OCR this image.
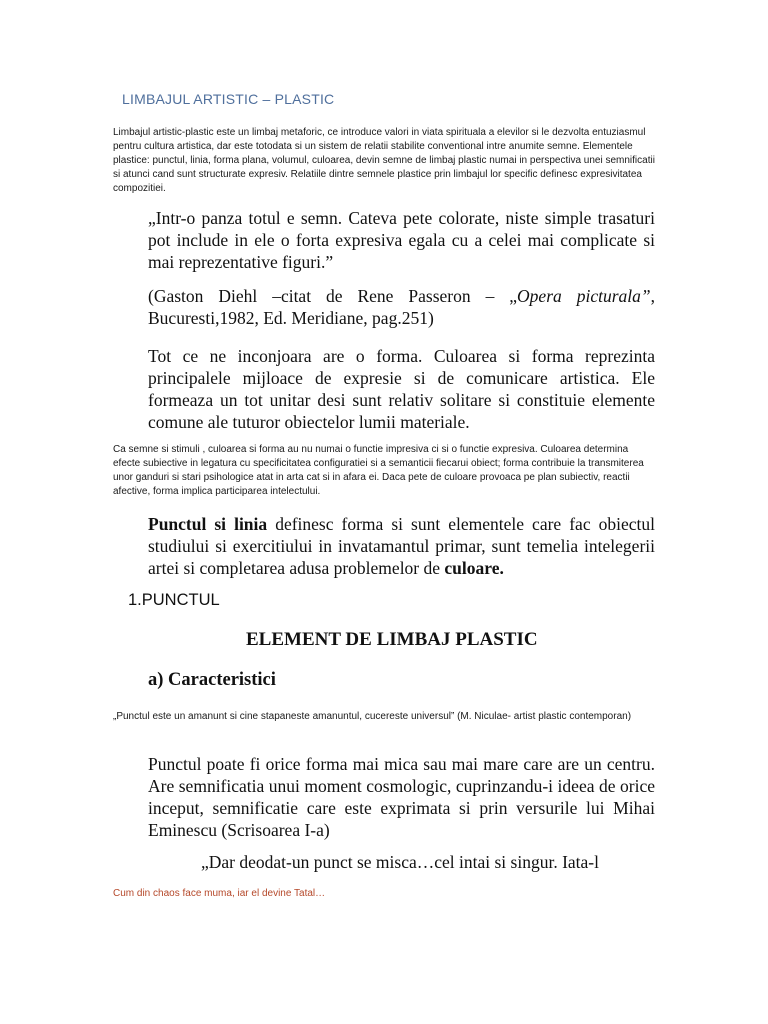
LIMBAJUL ARTISTIC – PLASTIC
Limbajul artistic-plastic este un limbaj metaforic, ce introduce valori in viata spirituala a elevilor si le dezvolta entuziasmul pentru cultura artistica, dar este totodata si un sistem de relatii stabilite conventional intre anumite semne. Elementele plastice: punctul, linia, forma plana, volumul, culoarea, devin semne de limbaj plastic numai in perspectiva unei semnificatii si atunci cand sunt structurate expresiv. Relatiile dintre semnele plastice prin limbajul lor specific definesc expresivitatea compozitiei.
„Intr-o panza totul e semn. Cateva pete colorate, niste simple trasaturi pot include in ele o forta expresiva egala cu a celei mai complicate si mai reprezentative figuri.”
(Gaston Diehl –citat de Rene Passeron – „Opera picturala”, Bucuresti,1982, Ed. Meridiane, pag.251)
Tot ce ne inconjoara are o forma. Culoarea si forma reprezinta principalele mijloace de expresie si de comunicare artistica. Ele formeaza un tot unitar desi sunt relativ solitare si constituie elemente comune ale tuturor obiectelor lumii materiale.
Ca semne si stimuli , culoarea si forma au nu numai o functie impresiva ci si o functie expresiva. Culoarea determina efecte subiective in legatura cu specificitatea configuratiei si a semanticii fiecarui obiect; forma contribuie la transmiterea unor ganduri si stari psihologice atat in arta cat si in afara ei. Daca pete de culoare provoaca pe plan subiectiv, reactii afective, forma implica participarea intelectului.
Punctul si linia definesc forma si sunt elementele care fac obiectul studiului si exercitiului in invatamantul primar, sunt temelia intelegerii artei si completarea adusa problemelor de culoare.
1.PUNCTUL
ELEMENT DE LIMBAJ PLASTIC
a) Caracteristici
„Punctul este un amanunt si cine stapaneste amanuntul, cucereste universul” (M. Niculae- artist plastic contemporan)
Punctul poate fi orice forma mai mica sau mai mare care are un centru. Are semnificatia unui moment cosmologic, cuprinzandu-i ideea de orice inceput, semnificatie care este exprimata si prin versurile lui Mihai Eminescu (Scrisoarea I-a)
„Dar deodat-un punct se misca…cel intai si singur. Iata-l
Cum din chaos face muma, iar el devine Tatal…
